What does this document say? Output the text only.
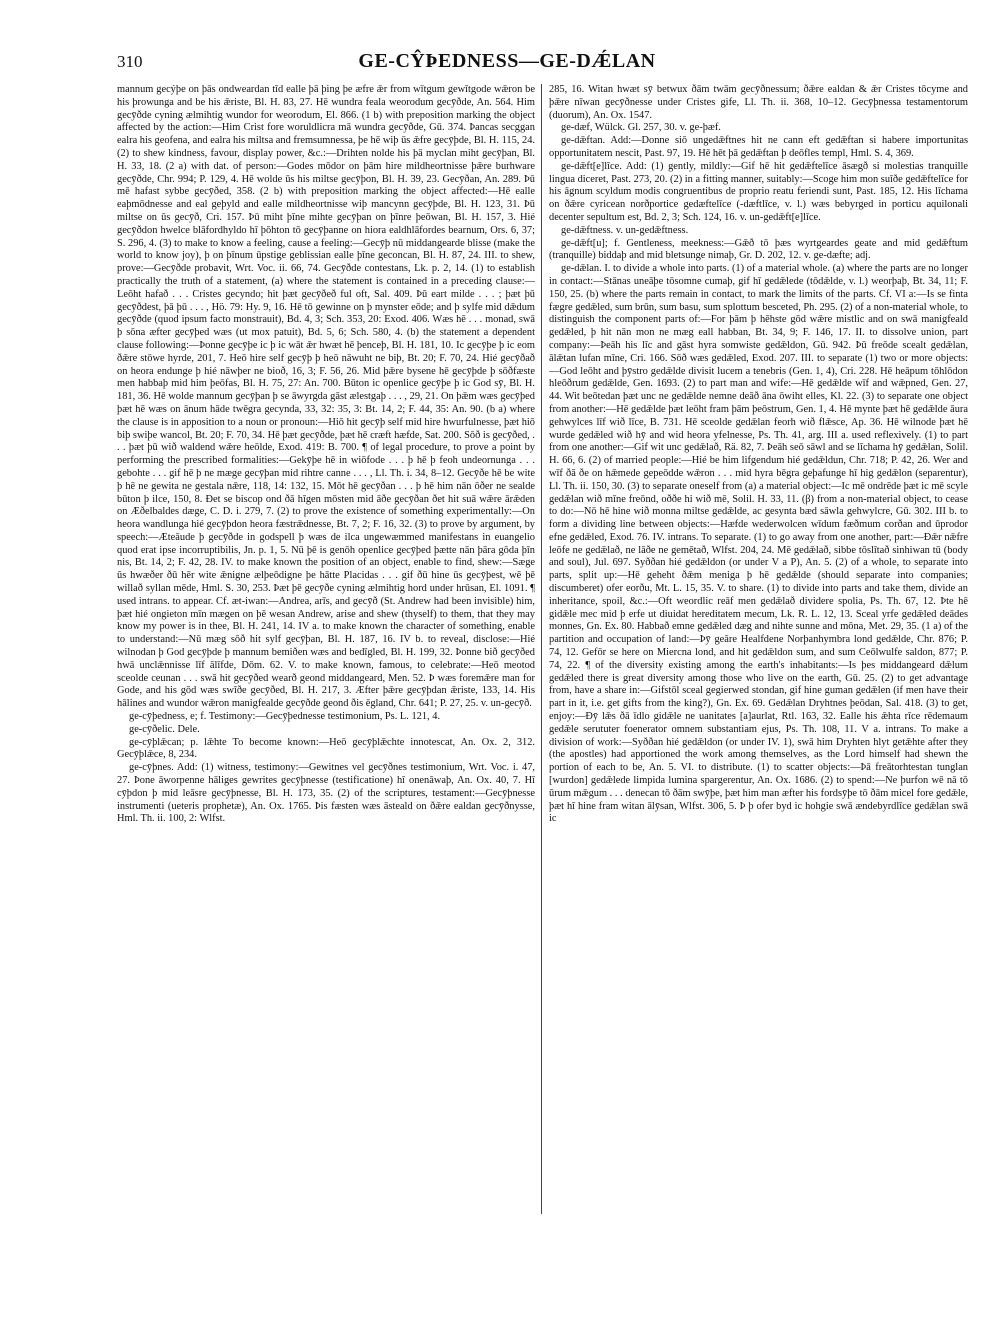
310	GE-CŶÞEDNESS—GE-DǼLAN

mannum gecýþe on þās ondweardan tīd ealle þā þing þe æfre ǣr from wītgum gewītgode wǣron be his þrowunga and be his ǣriste, Bl. H. 83, 27. Hē wundra feala weorodum gecȳðde, An. 564. Him gecȳðde cyning ælmihtig wundor for weorodum, El. 866. (1 b) with preposition marking the object affected by the action:—Him Crist fore woruldlicra mā wundra gecȳðde, Gū. 374. Þancas secggan ealra his geofena, and ealra his miltsa and fremsumnessa, þe hē wiþ ūs ǣfre gecȳþde, Bl. H. 115, 24. (2) to shew kindness, favour, display power, &c.:—Drihten nolde his þā myclan miht gecȳþan, Bl. H. 33, 18. (2 a) with dat. of person:—Godes mōdor on þām hire mildheortnisse þǣre burhware gecȳðde, Chr. 994; P. 129, 4. Hē wolde ūs his miltse gecȳþon, Bl. H. 39, 23. Gecȳðan, An. 289. Þū mē hafast sybbe gecȳðed, 358. (2 b) with preposition marking the object affected:—Hē ealle eaþmōdnesse and eal geþyld and ealle mildheortnisse wiþ mancynn gecȳþde, Bl. H. 123, 31. Þū miltse on ūs gecȳð, Cri. 157. Þū miht þīne mihte gecȳþan on þīnre þeōwan, Bl. H. 157, 3. Hié gecȳðdon hwelce blāfordhyldo hī þōhton tō gecȳþanne on hiora ealdhlāfordes bearnum, Ors. 6, 37; S. 296, 4. (3) to make to know a feeling, cause a feeling:—Gecȳþ nū middangearde blisse (make the world to know joy), þ on þīnum ūpstige geblissian ealle þīne geconcan, Bl. H. 87, 24. III. to shew, prove:—Gecȳðde probavit, Wrt. Voc. ii. 66, 74. Gecȳðde contestans, Lk. p. 2, 14. (1) to establish practically the truth of a statement, (a) where the statement is contained in a preceding clause:—Leōht hafað . . . Cristes gecyndo; hit þæt gecȳðeð ful oft, Sal. 409. Þū eart milde . . . ; þæt þū gecȳðdest, þā þū . . . , Hö. 79: Hy. 9, 16. Hē tō gewinne on þ mynster eōde; and þ sylfe mid dǣdum gecȳðde (quod ipsum facto monstrauit), Bd. 4, 3; Sch. 353, 20: Exod. 406. Wæs hē . . . monad, swā þ sōna æfter gecȳþed wæs (ut mox patuit), Bd. 5, 6; Sch. 580, 4. (b) the statement a dependent clause following:—Þonne gecȳþe ic þ ic wāt ǣr hwæt hē þenceþ, Bl. H. 181, 10. Ic gecȳþe þ ic eom ðǣre stōwe hyrde, 201, 7. Heō hire self gecȳþ þ heō nāwuht ne biþ, Bt. 20; F. 70, 24. Hié gecȳðað on heora endunge þ hié nāwþer ne bioð, 16, 3; F. 56, 26. Mid þǣre bysene hē gecȳþde þ sōðfæste men habbaþ mid him þeōfas, Bl. H. 75, 27: An. 700. Būton ic openlice gecȳþe þ ic God sȳ, Bl. H. 181, 36. Hē wolde mannum gecȳþan þ se āwyrgda gāst ælestgaþ . . . , 29, 21. On þǣm wæs gecȳþed þæt hē wæs on ānum hāde twēgra gecynda, 33, 32: 35, 3: Bt. 14, 2; F. 44, 35: An. 90. (b a) where the clause is in apposition to a noun or pronoun:—Hiō hit gecȳþ self mid hire hwurfulnesse, þæt hiō biþ swiþe wancol, Bt. 20; F. 70, 34. Hē þæt gecȳðde, þæt hē cræft hæfde, Sat. 200. Sōð is gecȳðed, . . . þæt þū wið waldend wǣre heōlde, Exod. 419: B. 700. ¶ of legal procedure, to prove a point by performing the prescribed formalities:—Gekȳþe hē in wiōfode . . . þ hē þ feoh undeornunga . . . gebohte . . . gif hē þ ne mæge gecȳþan mid rihtre canne . . . , Ll. Th. i. 34, 8–12. Gecȳðe hē be wite þ hē ne gewita ne gestala nǣre, 118, 14: 132, 15. Mōt hē gecȳðan . . . þ hē him nān ōðer ne sealde būton þ ilce, 150, 8. Ðet se biscop ond ðā hīgen mōsten mid āðe gecȳðan ðet hit suā wǣre ārǣden on Æðelbaldes dæge, C. D. i. 279, 7. (2) to prove the existence of something experimentally:—On heora wandlunga hié gecȳþdon heora fæstrǣdnesse, Bt. 7, 2; F. 16, 32. (3) to prove by argument, by speech:—Æteāude þ gecȳðde in godspell þ wæs de ilca ungewæmmed manifestans in euangelio quod erat ipse incorruptibilis, Jn. p. 1, 5. Nū þē is genōh openlice gecȳþed þætte nān þāra gōda þīn nis, Bt. 14, 2; F. 42, 28. IV. to make known the position of an object, enable to find, shew:—Sæge ūs hwæðer ðū hēr wite ǣnigne ælþeōdigne þe hātte Placidas . . . gif ðū hine ūs gecȳþest, wē þē willað syllan mēde, Hml. S. 30, 253. Þæt þē gecȳðe cyning ælmihtig hord under hrūsan, El. 1091. ¶ used intrans. to appear. Cf. æt-iwan:—Andrea, arīs, and gecȳð (St. Andrew had been invisible) him, þæt hié ongieton mīn mægen on þē wesan Andrew, arise and shew (thyself) to them, that they may know my power is in thee, Bl. H. 241, 14. IV a. to make known the character of something, enable to understand:—Nū mæg sōð hit sylf gecȳþan, Bl. H. 187, 16. IV b. to reveal, disclose:—Hié wilnodan þ God gecȳþde þ mannum bemiðen wæs and bedīgled, Bl. H. 199, 32. Þonne bið gecȳðed hwā unclǣnnisse līf ālīfde, Dōm. 62. V. to make known, famous, to celebrate:—Heō meotod sceolde ceunan . . . swā hit gecȳðed wearð geond middangeard, Men. 52. Þ wæs foremǣre man for Gode, and his gōd wæs swīðe gecȳðed, Bl. H. 217, 3. Æfter þǣre gecȳþdan ǣriste, 133, 14. His hālines and wundor wǣron manigfealde gecȳðde geond ðis ēgland, Chr. 641; P. 27, 25. v. un-gecȳð.

ge-cȳþedness, e; f. Testimony:—Gecȳþednesse testimonium, Ps. L. 121, 4.

ge-cȳðelic. Dele.

ge-cȳþlǣcan; p. lǣhte To become known:—Heō gecȳþlǣchte innotescat, An. Ox. 2, 312. Gecȳþlǣce, 8, 234.

ge-cȳþnes. Add: (1) witness, testimony:—Gewitnes vel gecȳðnes testimonium, Wrt. Voc. i. 47, 27. Þone āworpenne hāliges gewrites gecȳþnesse (testificatione) hī onenāwaþ, An. Ox. 40, 7. Hī cȳþdon þ mid leāsre gecȳþnesse, Bl. H. 173, 35. (2) of the scriptures, testament:—Gecȳþnesse instrumenti (ueteris prophetæ), An. Ox. 1765. Þis fæsten wæs āsteald on ðǣre ealdan gecȳðnysse, Hml. Th. ii. 100, 2: Wlfst.

285, 16. Witan hwæt sȳ betwux ðām twām gecȳðnessum; ðǣre ealdan & ǣr Cristes tōcyme and þǣre nīwan gecȳðnesse under Cristes gife, Ll. Th. ii. 368, 10–12. Gecȳþnessa testamentorum (duorum), An. Ox. 1547.

ge-dæf, Wülck. Gl. 257, 30. v. ge-þæf.

ge-dǣftan. Add:—Donne siō ungedǣftnes hit ne cann eft gedǣftan si habere importunitas opportunitatem nescit, Past. 97, 19. Hē hēt þā gedǣftan þ deōfles templ, Hml. S. 4, 369.

ge-dǣft[e]līce. Add: (1) gently, mildly:—Gif hē hit gedǣftelīce āsægð si molestias tranquille lingua diceret, Past. 273, 20. (2) in a fitting manner, suitably:—Scoge him mon suīðe gedǣftelīce for his āgnum scyldum modis congruentibus de proprio reatu feriendi sunt, Past. 185, 12. His līchama on ðǣre cyricean norðportice gedæftelīce (-dæftlīce, v. l.) wæs bebyrged in porticu aquilonali decenter sepultum est, Bd. 2, 3; Sch. 124, 16. v. un-gedǣft[e]līce.

ge-dǣftness. v. un-gedǣftness.

ge-dǣft[u]; f. Gentleness, meekness:—Gǣð tō þæs wyrtgeardes geate and mid gedǣftum (tranquille) biddaþ and mid bletsunge nimaþ, Gr. D. 202, 12. v. ge-dæfte; adj.

ge-dǣlan. I. to divide a whole into parts. (1) of a material whole. (a) where the parts are no longer in contact:—Stānas uneāþe tōsomne cumaþ, gif hī gedǣlede (tōdǣlde, v. l.) weorþaþ, Bt. 34, 11; F. 150, 25. (b) where the parts remain in contact, to mark the limits of the parts. Cf. VI a:—Is se finta fægre gedǣled, sum brūn, sum basu, sum splottum besceted, Ph. 295. (2) of a non-material whole, to distinguish the component parts of:—For þām þ hēhste gōd wǣre mistlic and on swā manigfeald gedǣled, þ hit nān mon ne mæg eall habban, Bt. 34, 9; F. 146, 17. II. to dissolve union, part company:—Þeāh his līc and gāst hyra somwiste gedǣldon, Gū. 942. Þū freōde scealt gedǣlan, ālǣtan lufan mīne, Cri. 166. Sōð wæs gedǣled, Exod. 207. III. to separate (1) two or more objects:—God leōht and þȳstro gedǣlde divisit lucem a tenebris (Gen. 1, 4), Cri. 228. Hē heāpum tōhlōdon hleōðrum gedǣlde, Gen. 1693. (2) to part man and wife:—Hē gedǣlde wīf and wǣpned, Gen. 27, 44. Wit beōtedan þæt unc ne gedǣlde nemne deāð āna ōwiht elles, Kl. 22. (3) to separate one object from another:—Hē gedǣlde þæt leōht fram þām þeōstrum, Gen. 1, 4. Hē mynte þæt hē gedǣlde āura gehwylces līf wið līce, B. 731. Hē sceolde gedǣlan feorh wið flǣsce, Ap. 36. Hē wilnode þæt hē wurde gedǣled wið hȳ and wid heora yfelnesse, Ps. Th. 41, arg. III a. used reflexively. (1) to part from one another:—Gif wit unc gedǣlað, Rä. 82, 7. Þeāh seō sāwl and se līchama hȳ gedǣlan, Solil. H. 66, 6. (2) of married people:—Hié be him lifgendum hié gedǣldun, Chr. 718; P. 42, 26. Wer and wīf ðā ðe on hǣmede gepeōdde wǣron . . . mid hyra bēgra geþafunge hī hig gedǣlon (separentur), Ll. Th. ii. 150, 30. (3) to separate oneself from (a) a material object:—Ic mē ondrēde þæt ic mē scyle gedǣlan wið mīne freōnd, oððe hi wið mē, Solil. H. 33, 11. (β) from a non-material object, to cease to do:—Nō hē hine wið monna miltse gedǣlde, ac gesynta bæd sāwla gehwylcre, Gū. 302. III b. to form a dividing line between objects:—Hæfde wederwolcen wīdum fæðmum corðan and ūprodor efne gedǣled, Exod. 76. IV. intrans. To separate. (1) to go away from one another, part:—Ðǣr nǣfre leōfe ne gedǣlað, ne lāðe ne gemētað, Wlfst. 204, 24. Mē gedǣlað, sibbe tōslītað sinhiwan tū (body and soul), Jul. 697. Syððan hié gedǣldon (or under V a P), An. 5. (2) of a whole, to separate into parts, split up:—Hē geheht ðǣm meniga þ hē gedǣlde (should separate into companies; discumberet) ofer eorðu, Mt. L. 15, 35. V. to share. (1) to divide into parts and take them, divide an inheritance, spoil, &c.:—Oft weordlic reāf men gedǣlað dividere spolia, Ps. Th. 67, 12. Þte hē gidǣle mec mid þ erfe ut diuidat hereditatem mecum, Lk. R. L. 12, 13. Sceal yrfe gedǣled deādes monnes, Gn. Ex. 80. Habbað emne gedǣled dæg and nihte sunne and mōna, Met. 29, 35. (1 a) of the partition and occupation of land:—Þȳ geāre Healfdene Norþanhymbra lond gedǣlde, Chr. 876; P. 74, 12. Gefōr se here on Miercna lond, and hit gedǣldon sum, and sum Ceōlwulfe saldon, 877; P. 74, 22. ¶ of the diversity existing among the earth's inhabitants:—Is þes middangeard dǣlum gedǣled there is great diversity among those who live on the earth, Gū. 25. (2) to get advantage from, have a share in:—Gifstōl sceal gegierwed stondan, gif hine guman gedǣlen (if men have their part in it, i.e. get gifts from the king?), Gn. Ex. 69. Gedǣlan Dryhtnes þeōdan, Sal. 418. (3) to get, enjoy:—Ðȳ lǣs ðā īdlo gidǣle ne uanitates [a]aurlat, Rtl. 163, 32. Ealle his ǣhta rīce rēdemaum gedǣle serututer foenerator omnem substantiam ejus, Ps. Th. 108, 11. V a. intrans. To make a division of work:—Syððan hié gedǣldon (or under IV. 1), swā him Dryhten hlyt getǣhte after they (the apostles) had apportioned the work among themselves, as the Lord himself had shewn the portion of each to be, An. 5. VI. to distribute. (1) to scatter objects:—Þā freātorhtestan tunglan [wurdon] gedǣlede limpida lumina spargerentur, An. Ox. 1686. (2) to spend:—Ne þurfon wē nā tō ūrum mǣgum . . . denecan tō ðām swȳþe, þæt him man æfter his fordsȳþe tō ðām micel fore gedǣle, þæt hī hine fram witan ālȳsan, Wlfst. 306, 5. Þ þ ofer byd ic hohgie swā ændebyrdlīce gedǣlan swā ic
